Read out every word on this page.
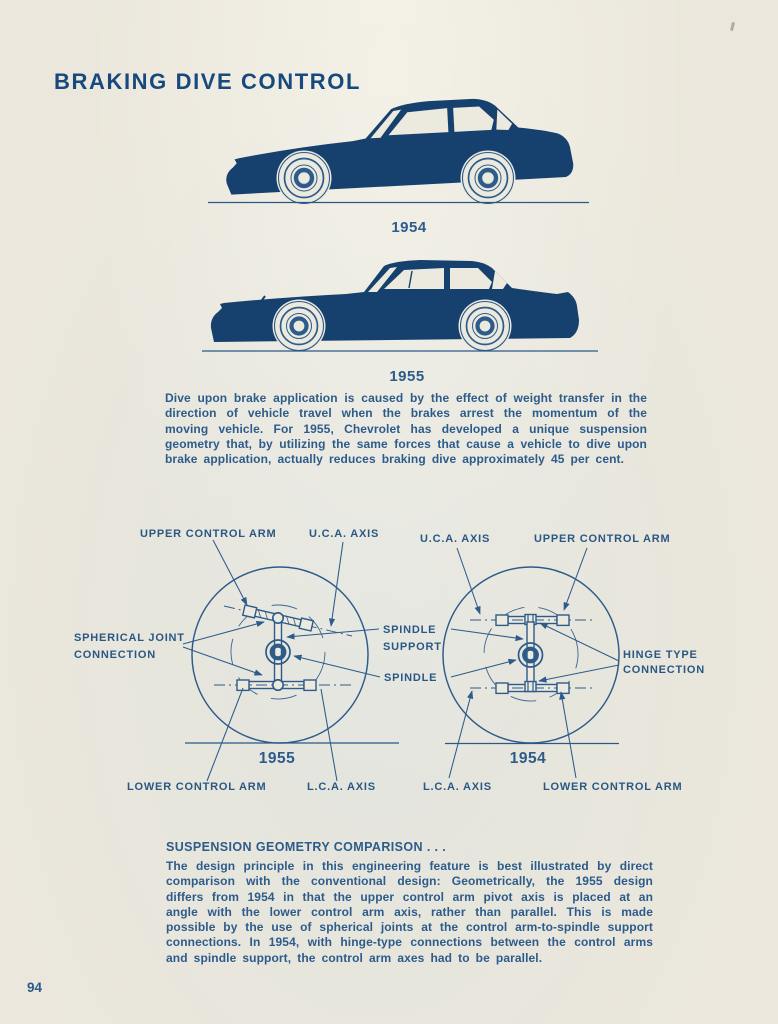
BRAKING DIVE CONTROL
1954
1955

Dive upon brake application is caused by the effect of weight transfer in the direction of vehicle travel when the brakes arrest the momentum of the moving vehicle. For 1955, Chevrolet has developed a unique suspension geometry that, by utilizing the same forces that cause a vehicle to dive upon brake application, actually reduces braking dive approximately 45 per cent.

UPPER CONTROL ARM	U.C.A. AXIS	U.C.A. AXIS	UPPER CONTROL ARM
SPHERICAL JOINT
CONNECTION
SPINDLE
SUPPORT
SPINDLE
HINGE TYPE
CONNECTION
1955	1954
LOWER CONTROL ARM	L.C.A. AXIS	L.C.A. AXIS	LOWER CONTROL ARM
SUSPENSION GEOMETRY COMPARISON . . .

The design principle in this engineering feature is best illustrated by direct comparison with the conventional design: Geometrically, the 1955 design differs from 1954 in that the upper control arm pivot axis is placed at an angle with the lower control arm axis, rather than parallel. This is made possible by the use of spherical joints at the control arm-to-spindle support connections. In 1954, with hinge-type connections between the control arms and spindle support, the control arm axes had to be parallel.

94
